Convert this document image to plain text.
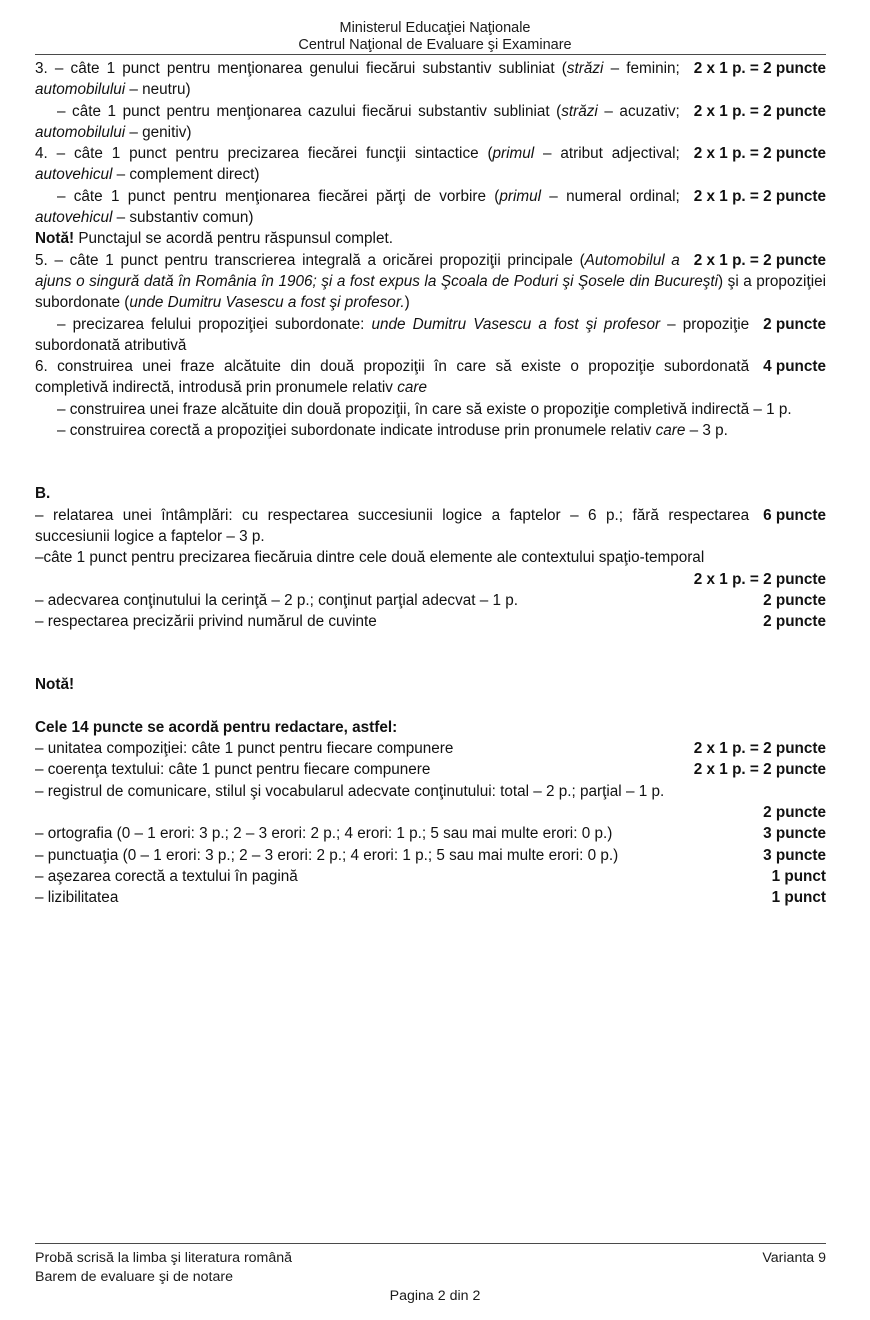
Ministerul Educaţiei Naţionale
Centrul Naţional de Evaluare şi Examinare
2 x 1 p. = 2 puncte
3. – câte 1 punct pentru menţionarea genului fiecărui substantiv subliniat (străzi – feminin; automobilului – neutru)
2 x 1 p. = 2 puncte
– câte 1 punct pentru menţionarea cazului fiecărui substantiv subliniat (străzi – acuzativ; automobilului – genitiv)
2 x 1 p. = 2 puncte
4. – câte 1 punct pentru precizarea fiecărei funcţii sintactice (primul – atribut adjectival; autovehicul – complement direct)
2 x 1 p. = 2 puncte
– câte 1 punct pentru menţionarea fiecărei părţi de vorbire (primul – numeral ordinal; autovehicul – substantiv comun)
Notă! Punctajul se acordă pentru răspunsul complet.
2 x 1 p. = 2 puncte
5. – câte 1 punct pentru transcrierea integrală a oricărei propoziţii principale (Automobilul a ajuns o singură dată în România în 1906; şi a fost expus la Şcoala de Poduri şi Şosele din Bucureşti) şi a propoziţiei subordonate (unde Dumitru Vasescu a fost şi profesor.)
2 puncte
– precizarea felului propoziţiei subordonate: unde Dumitru Vasescu a fost şi profesor – propoziţie subordonată atributivă
4 puncte
6. construirea unei fraze alcătuite din două propoziţii în care să existe o propoziţie subordonată completivă indirectă, introdusă prin pronumele relativ care
– construirea unei fraze alcătuite din două propoziţii, în care să existe o propoziţie completivă indirectă – 1 p.
– construirea corectă a propoziţiei subordonate indicate introduse prin pronumele relativ care – 3 p.
B.
6 puncte
– relatarea unei întâmplări: cu respectarea succesiunii logice a faptelor – 6 p.; fără respectarea succesiunii logice a faptelor – 3 p.
–câte 1 punct pentru precizarea fiecăruia dintre cele două elemente ale contextului spaţio-temporal
2 x 1 p. = 2 puncte
2 puncte
– adecvarea conţinutului la cerinţă – 2 p.; conţinut parţial adecvat – 1 p.
2 puncte
– respectarea precizării privind numărul de cuvinte
Notă!
Cele 14 puncte se acordă pentru redactare, astfel:
2 x 1 p. = 2 puncte
– unitatea compoziţiei: câte 1 punct pentru fiecare compunere
2 x 1 p. = 2 puncte
– coerenţa textului: câte 1 punct pentru fiecare compunere
– registrul de comunicare, stilul şi vocabularul adecvate conţinutului: total – 2 p.; parţial – 1 p.
2 puncte
3 puncte
– ortografia (0 – 1 erori: 3 p.; 2 – 3 erori: 2 p.; 4 erori: 1 p.; 5 sau mai multe erori: 0 p.)
3 puncte
– punctuaţia (0 – 1 erori: 3 p.; 2 – 3 erori: 2 p.; 4 erori: 1 p.; 5 sau mai multe erori: 0 p.)
1 punct
– aşezarea corectă a textului în pagină
1 punct
– lizibilitatea
Probă scrisă la limba şi literatura română
Barem de evaluare şi de notare
Varianta 9
Pagina 2 din 2
